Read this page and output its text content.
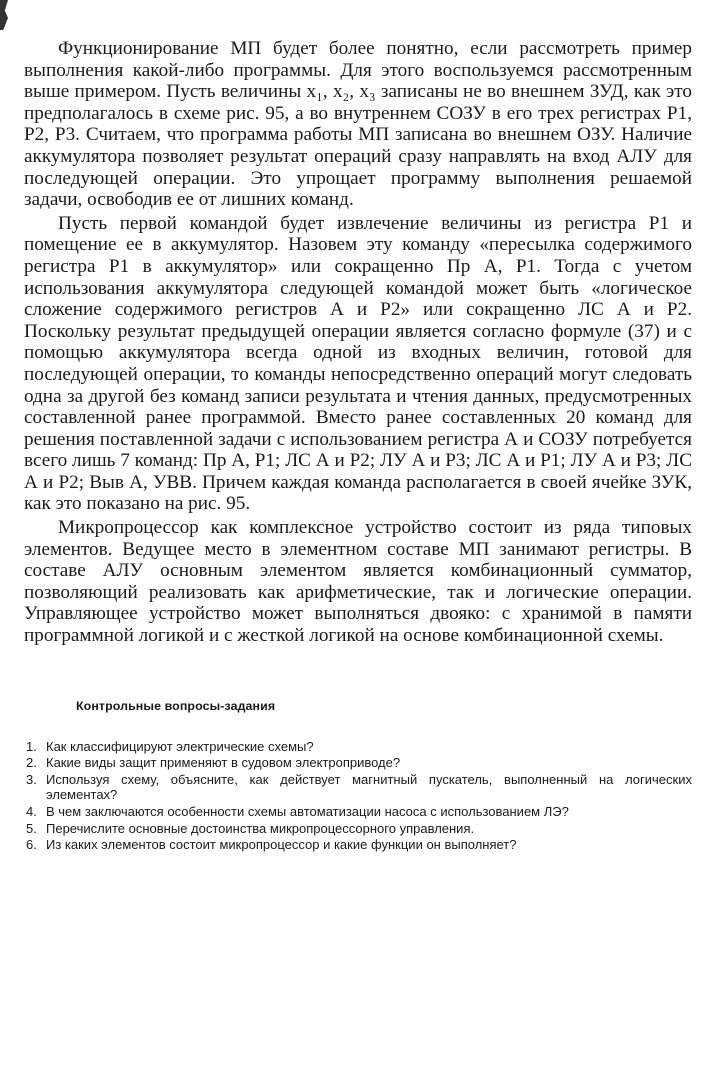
Функционирование МП будет более понятно, если рассмотреть пример выполнения какой-либо программы. Для этого воспользуемся рассмотренным выше примером. Пусть величины x₁, x₂, x₃ записаны не во внешнем ЗУД, как это предполагалось в схеме рис. 95, а во внутреннем СОЗУ в его трех регистрах Р1, Р2, Р3. Считаем, что программа работы МП записана во внешнем ОЗУ. Наличие аккумулятора позволяет результат операций сразу направлять на вход АЛУ для последующей операции. Это упрощает программу выполнения решаемой задачи, освободив ее от лишних команд.

Пусть первой командой будет извлечение величины из регистра Р1 и помещение ее в аккумулятор. Назовем эту команду «пересылка содержимого регистра Р1 в аккумулятор» или сокращенно Пр А, Р1. Тогда с учетом использования аккумулятора следующей командой может быть «логическое сложение содержимого регистров А и Р2» или сокращенно ЛС А и Р2. Поскольку результат предыдущей операции является согласно формуле (37) и с помощью аккумулятора всегда одной из входных величин, готовой для последующей операции, то команды непосредственно операций могут следовать одна за другой без команд записи результата и чтения данных, предусмотренных составленной ранее программой. Вместо ранее составленных 20 команд для решения поставленной задачи с использованием регистра А и СОЗУ потребуется всего лишь 7 команд: Пр А, Р1; ЛС А и Р2; ЛУ А и Р3; ЛС А и Р1; ЛУ А и Р3; ЛС А и Р2; Выв А, УВВ. Причем каждая команда располагается в своей ячейке ЗУК, как это показано на рис. 95.

Микропроцессор как комплексное устройство состоит из ряда типовых элементов. Ведущее место в элементном составе МП занимают регистры. В составе АЛУ основным элементом является комбинационный сумматор, позволяющий реализовать как арифметические, так и логические операции. Управляющее устройство может выполняться двояко: с хранимой в памяти программной логикой и с жесткой логикой на основе комбинационной схемы.

Контрольные вопросы-задания
1. Как классифицируют электрические схемы?
2. Какие виды защит применяют в судовом электроприводе?
3. Используя схему, объясните, как действует магнитный пускатель, выполненный на логических элементах?
4. В чем заключаются особенности схемы автоматизации насоса с использованием ЛЭ?
5. Перечислите основные достоинства микропроцессорного управления.
6. Из каких элементов состоит микропроцессор и какие функции он выполняет?
